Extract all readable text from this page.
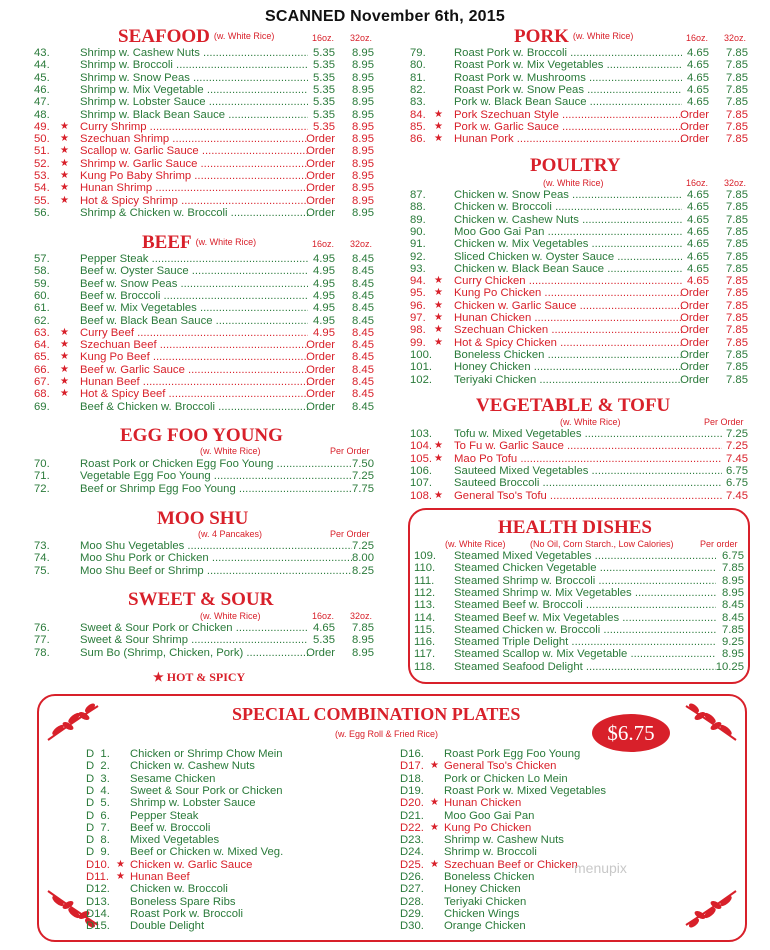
SCANNED November 6th, 2015
SEAFOOD (w. White Rice)	16oz. 32oz.
43.	Shrimp w. Cashew Nuts .....	5.35 8.95
44.	Shrimp w. Broccoli .....	5.35 8.95
45.	Shrimp w. Snow Peas .....	5.35 8.95
46.	Shrimp w. Mix Vegetable .....	5.35 8.95
47.	Shrimp w. Lobster Sauce .....	5.35 8.95
48.	Shrimp w. Black Bean Sauce .....	5.35 8.95
49. ★ Curry Shrimp .....	5.35 8.95
50. ★ Szechuan Shrimp .....	Order 8.95
51. ★ Scallop w. Garlic Sauce .....	Order 8.95
52. ★ Shrimp w. Garlic Sauce .....	Order 8.95
53. ★ Kung Po Baby Shrimp .....	Order 8.95
54. ★ Hunan Shrimp .....	Order 8.95
55. ★ Hot & Spicy Shrimp .....	Order 8.95
56.	Shrimp & Chicken w. Broccoli .....	Order 8.95
BEEF (w. White Rice)	16oz. 32oz.
57.	Pepper Steak .....	4.95 8.45
58.	Beef w. Oyster Sauce .....	4.95 8.45
59.	Beef w. Snow Peas .....	4.95 8.45
60.	Beef w. Broccoli .....	4.95 8.45
61.	Beef w. Mix Vegetables .....	4.95 8.45
62.	Beef w. Black Bean Sauce .....	4.95 8.45
63. ★ Curry Beef .....	4.95 8.45
64. ★ Szechuan Beef .....	Order 8.45
65. ★ Kung Po Beef .....	Order 8.45
66. ★ Beef w. Garlic Sauce .....	Order 8.45
67. ★ Hunan Beef .....	Order 8.45
68. ★ Hot & Spicy Beef .....	Order 8.45
69.	Beef & Chicken w. Broccoli .....	Order 8.45
EGG FOO YOUNG
(w. White Rice)	Per Order
70.	Roast Pork or Chicken Egg Foo Young .....	7.50
71.	Vegetable Egg Foo Young .....	7.25
72.	Beef or Shrimp Egg Foo Young .....	7.75
MOO SHU
(w. 4 Pancakes)	Per Order
73.	Moo Shu Vegetables .....	7.25
74.	Moo Shu Pork or Chicken .....	8.00
75.	Moo Shu Beef or Shrimp .....	8.25
SWEET & SOUR
(w. White Rice)	16oz. 32oz.
76.	Sweet & Sour Pork or Chicken .....	4.65 7.85
77.	Sweet & Sour Shrimp .....	5.35 8.95
78.	Sum Bo (Shrimp, Chicken, Pork) .....	Order 8.95
★ HOT & SPICY
PORK (w. White Rice)	16oz. 32oz.
79.	Roast Pork w. Broccoli .....	4.65 7.85
80.	Roast Pork w. Mix Vegetables .....	4.65 7.85
81.	Roast Pork w. Mushrooms .....	4.65 7.85
82.	Roast Pork w. Snow Peas .....	4.65 7.85
83.	Pork w. Black Bean Sauce .....	4.65 7.85
84. ★ Pork Szechuan Style .....	Order 7.85
85. ★ Pork w. Garlic Sauce .....	Order 7.85
86. ★ Hunan Pork .....	Order 7.85
POULTRY
(w. White Rice)	16oz. 32oz.
87.	Chicken w. Snow Peas .....	4.65 7.85
88.	Chicken w. Broccoli .....	4.65 7.85
89.	Chicken w. Cashew Nuts .....	4.65 7.85
90.	Moo Goo Gai Pan .....	4.65 7.85
91.	Chicken w. Mix Vegetables .....	4.65 7.85
92.	Sliced Chicken w. Oyster Sauce .....	4.65 7.85
93.	Chicken w. Black Bean Sauce .....	4.65 7.85
94. ★ Curry Chicken .....	4.65 7.85
95. ★ Kung Po Chicken .....	Order 7.85
96. ★ Chicken w. Garlic Sauce .....	Order 7.85
97. ★ Hunan Chicken .....	Order 7.85
98. ★ Szechuan Chicken .....	Order 7.85
99. ★ Hot & Spicy Chicken .....	Order 7.85
100. Boneless Chicken .....	Order 7.85
101. Honey Chicken .....	Order 7.85
102. Teriyaki Chicken .....	Order 7.85
VEGETABLE & TOFU
(w. White Rice)	Per Order
103. Tofu w. Mixed Vegetables .....	7.25
104. ★ To Fu w. Garlic Sauce .....	7.25
105. ★ Mao Po Tofu .....	7.45
106. Sauteed Mixed Vegetables .....	6.75
107. Sauteed Broccoli .....	6.75
108. ★ General Tso's Tofu .....	7.45
HEALTH DISHES
(w. White Rice)	(No Oil, Corn Starch., Low Calories)	Per order
109. Steamed Mixed Vegetables .....	6.75
110. Steamed Chicken Vegetable .....	7.85
111. Steamed Shrimp w. Broccoli .....	8.95
112. Steamed Shrimp w. Mix Vegetables .....	8.95
113. Steamed Beef w. Broccoli .....	8.45
114. Steamed Beef w. Mix Vegetables .....	8.45
115. Steamed Chicken w. Broccoli .....	7.85
116. Steamed Triple Delight .....	9.25
117. Steamed Scallop w. Mix Vegetable .....	8.95
118. Steamed Seafood Delight .....	10.25
SPECIAL COMBINATION PLATES
(w. Egg Roll & Fried Rice)	$6.75
D  1. Chicken or Shrimp Chow Mein
D  2. Chicken w. Cashew Nuts
D  3. Sesame Chicken
D  4. Sweet & Sour Pork or Chicken
D  5. Shrimp w. Lobster Sauce
D  6. Pepper Steak
D  7. Beef w. Broccoli
D  8. Mixed Vegetables
D  9. Beef or Chicken w. Mixed Veg.
D10. ★ Chicken w. Garlic Sauce
D11. ★ Hunan Beef
D12. Chicken w. Broccoli
D13. Boneless Spare Ribs
D14. Roast Pork w. Broccoli
D15. Double Delight
D16. Roast Pork Egg Foo Young
D17. ★ General Tso's Chicken
D18. Pork or Chicken Lo Mein
D19. Roast Pork w. Mixed Vegetables
D20. ★ Hunan Chicken
D21. Moo Goo Gai Pan
D22. ★ Kung Po Chicken
D23. Shrimp w. Cashew Nuts
D24. Shrimp w. Broccoli
D25. ★ Szechuan Beef or Chicken
D26. Boneless Chicken
D27. Honey Chicken
D28. Teriyaki Chicken
D29. Chicken Wings
D30. Orange Chicken
menupix
